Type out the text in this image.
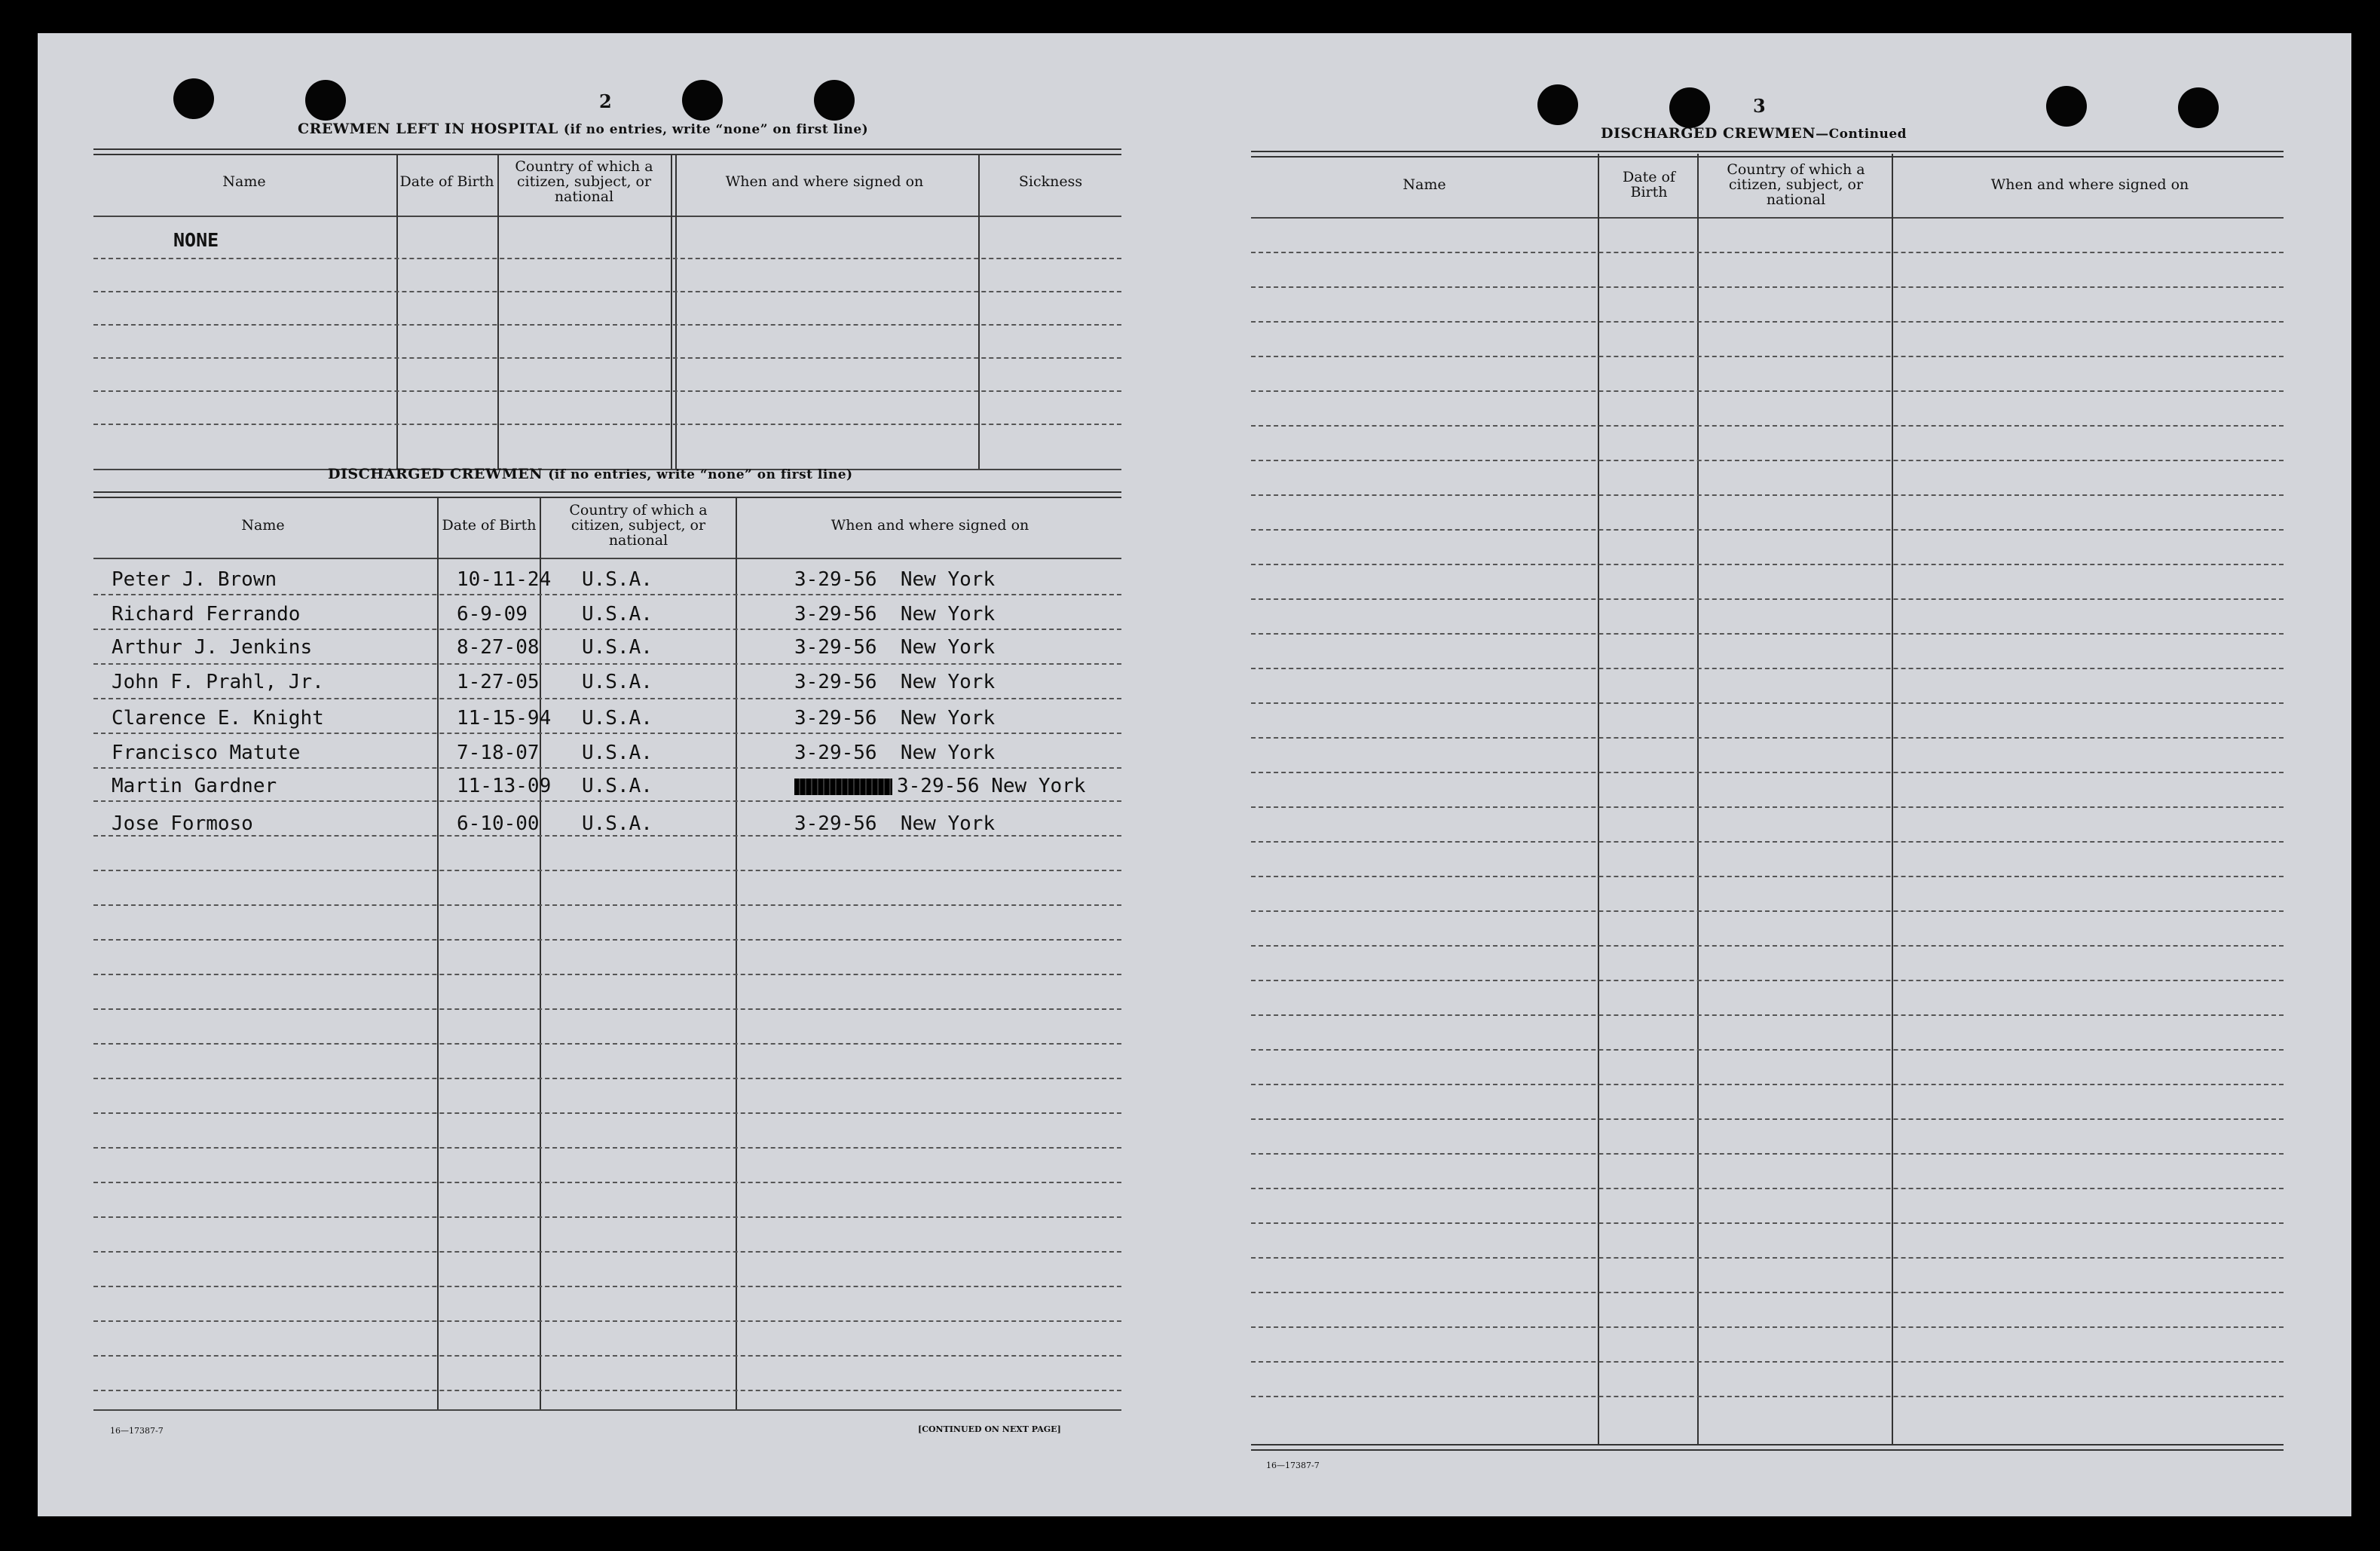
2
CREWMEN LEFT IN HOSPITAL (if no entries, write “none” on first line)
Name	Date of Birth
Country of which a citizen, subject, or national
When and where signed on	Sickness
NONE
DISCHARGED CREWMEN (if no entries, write “none” on first line)
Name	Date of Birth
Country of which a citizen, subject, or national
When and where signed on
Peter J. Brown	10-11-24 U.S.A.	3-29-56  New York
Richard Ferrando	6-9-09	U.S.A.	3-29-56  New York
Arthur J. Jenkins	8-27-08 U.S.A.	3-29-56  New York
John F. Prahl, Jr.	1-27-05 U.S.A.	3-29-56  New York
Clarence E. Knight	11-15-94 U.S.A.	3-29-56  New York
Francisco Matute	7-18-07 U.S.A.	3-29-56  New York
Martin Gardner	11-13-09 U.S.A.	3-29-56 New York
Jose Formoso	6-10-00 U.S.A.	3-29-56  New York
16—17387-7	[CONTINUED ON NEXT PAGE]
3
DISCHARGED CREWMEN—Continued
Name	Date of Birth
Country of which a citizen, subject, or national
When and where signed on
16—17387-7
